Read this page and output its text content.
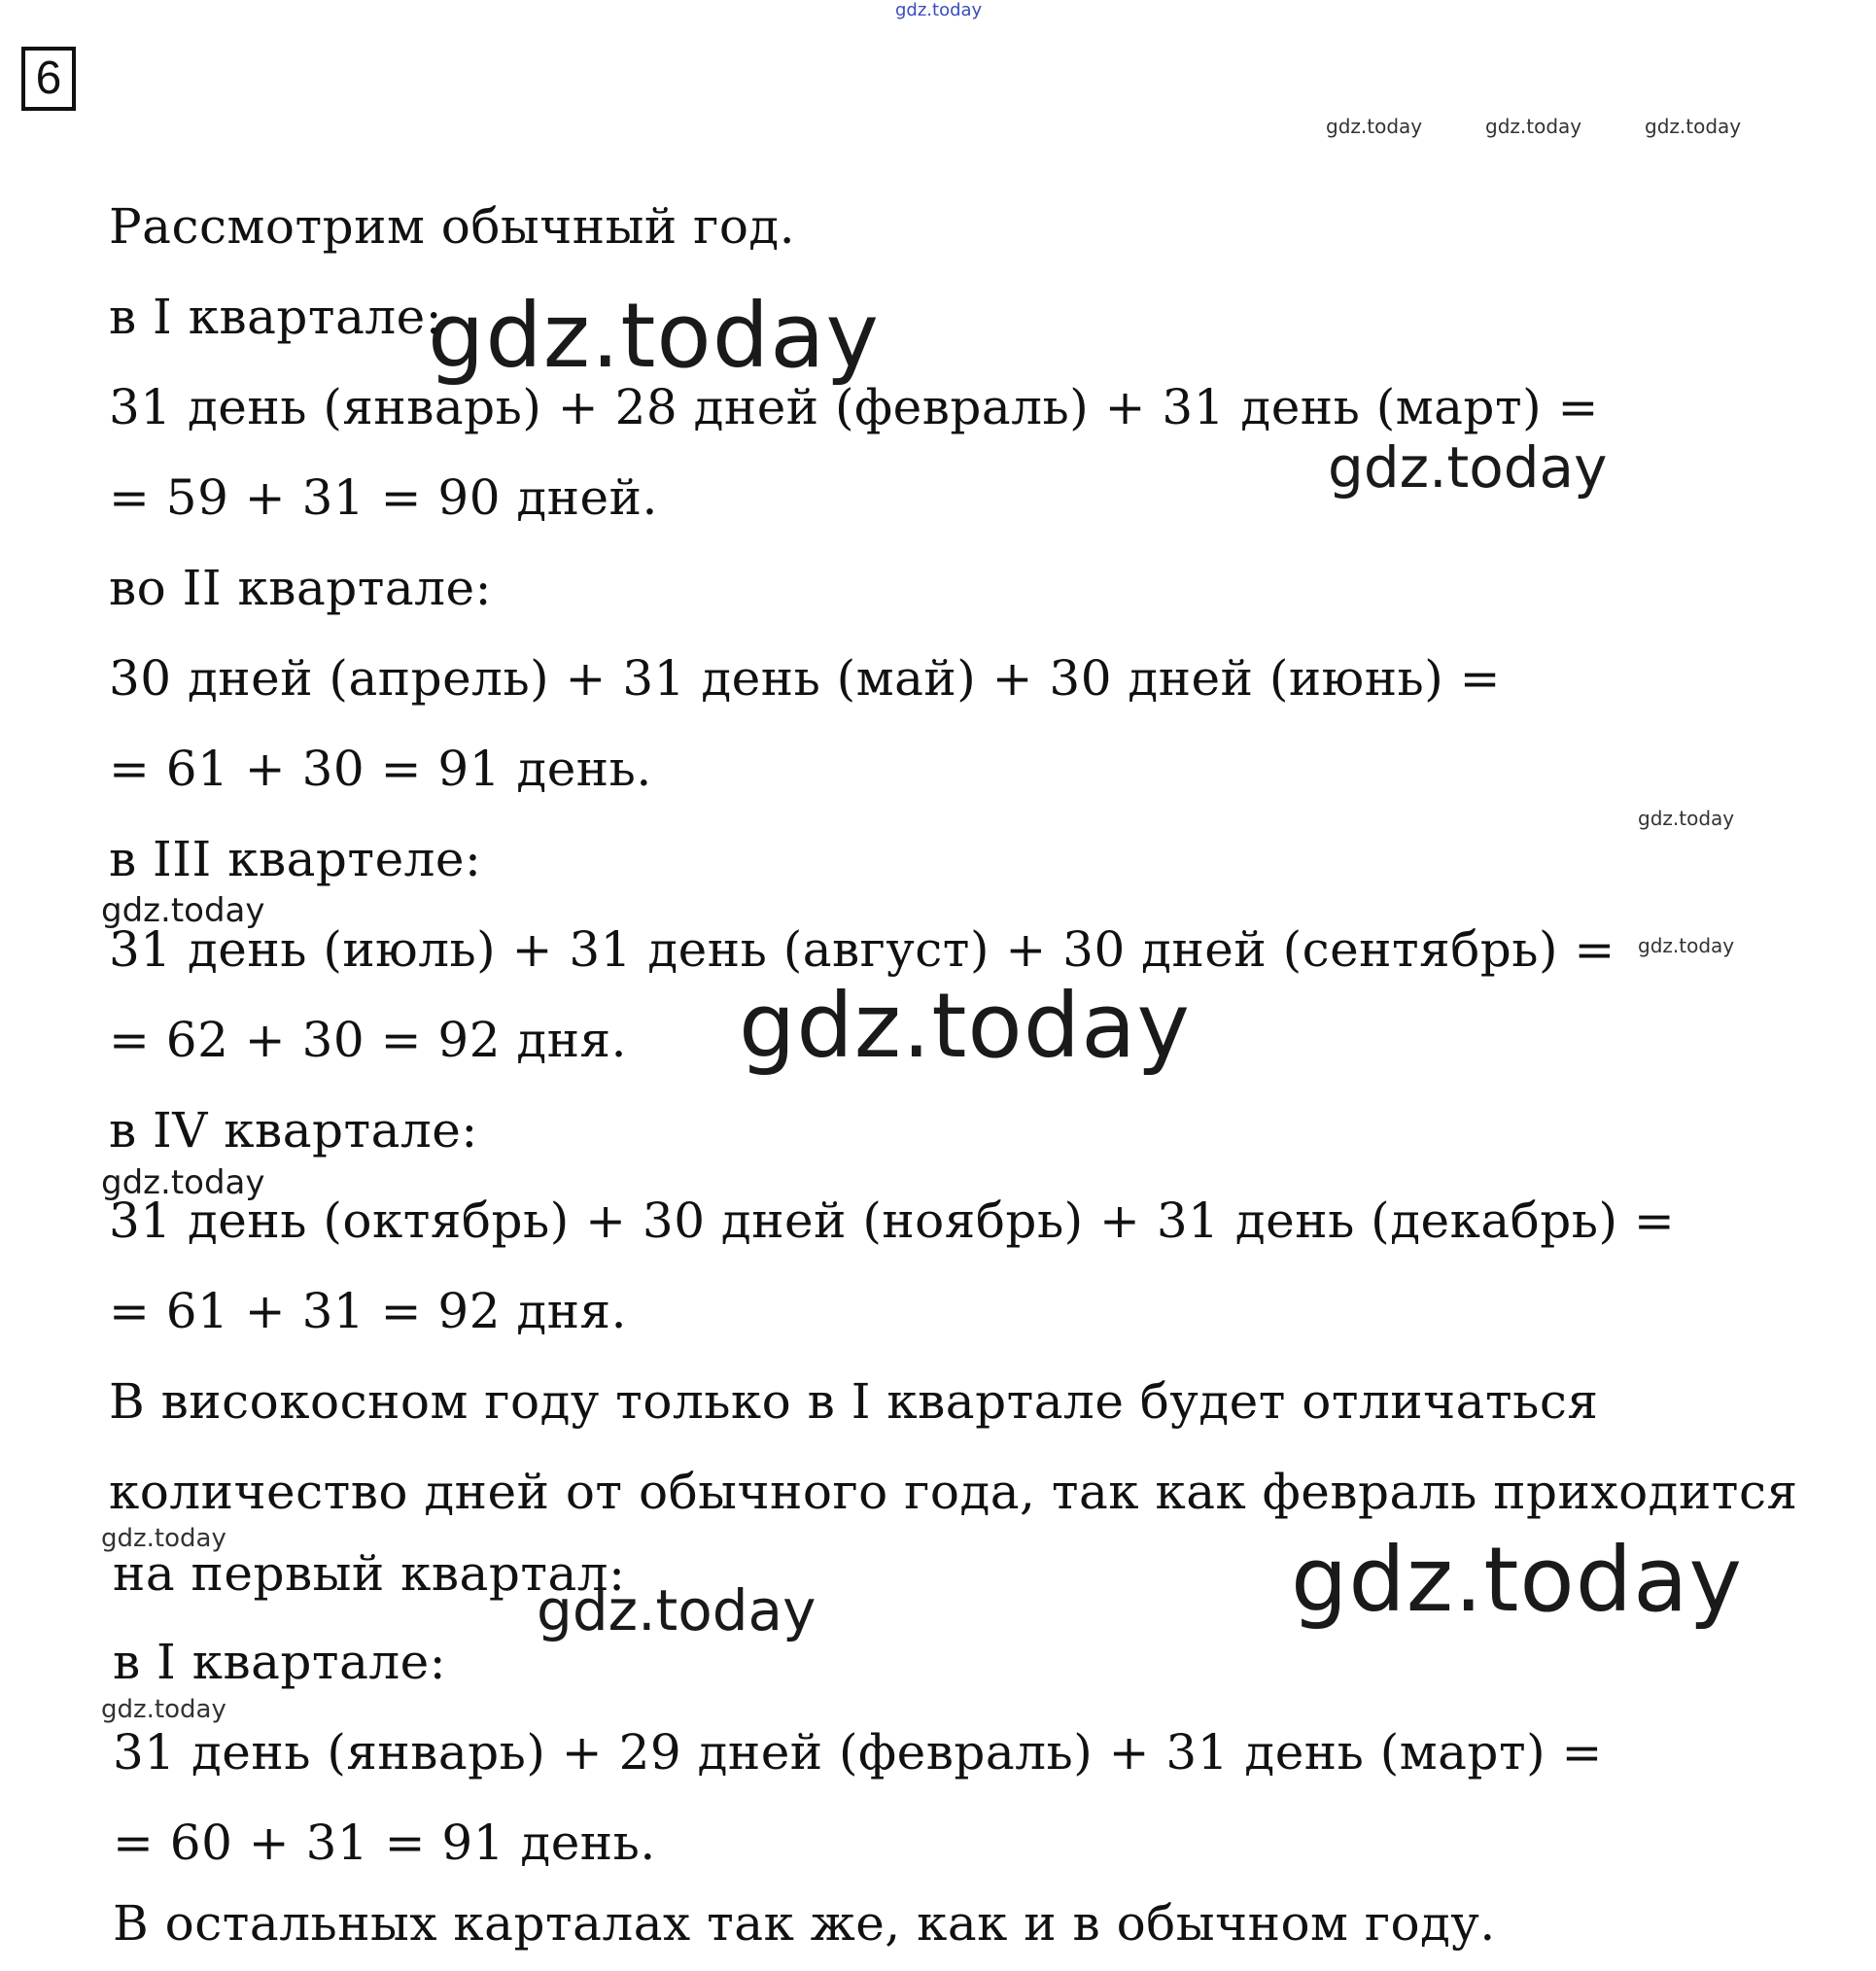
6
gdz.today
gdz.today	gdz.today	gdz.today
gdz.today
gdz.today
gdz.today
gdz.today
gdz.today
gdz.today
gdz.today
gdz.today	gdz.today
gdz.today
gdz.today
Рассмотрим обычный год.
в I квартале:
31 день (январь) + 28 дней (февраль) + 31 день (март) =
= 59 + 31 = 90 дней.
во II квартале:
30 дней (апрель) + 31 день (май) + 30 дней (июнь) =
= 61 + 30 = 91 день.
в III квартеле:
31 день (июль) + 31 день (август) + 30 дней (сентябрь) =
= 62 + 30 = 92 дня.
в IV квартале:
31 день (октябрь) + 30 дней (ноябрь) + 31 день (декабрь) =
= 61 + 31 = 92 дня.
В високосном году только в I квартале будет отличаться
количество дней от обычного года, так как февраль приходится
на первый квартал:
в I квартале:
31 день (январь) + 29 дней (февраль) + 31 день (март) =
= 60 + 31 = 91 день.
В остальных карталах так же, как и в обычном году.
